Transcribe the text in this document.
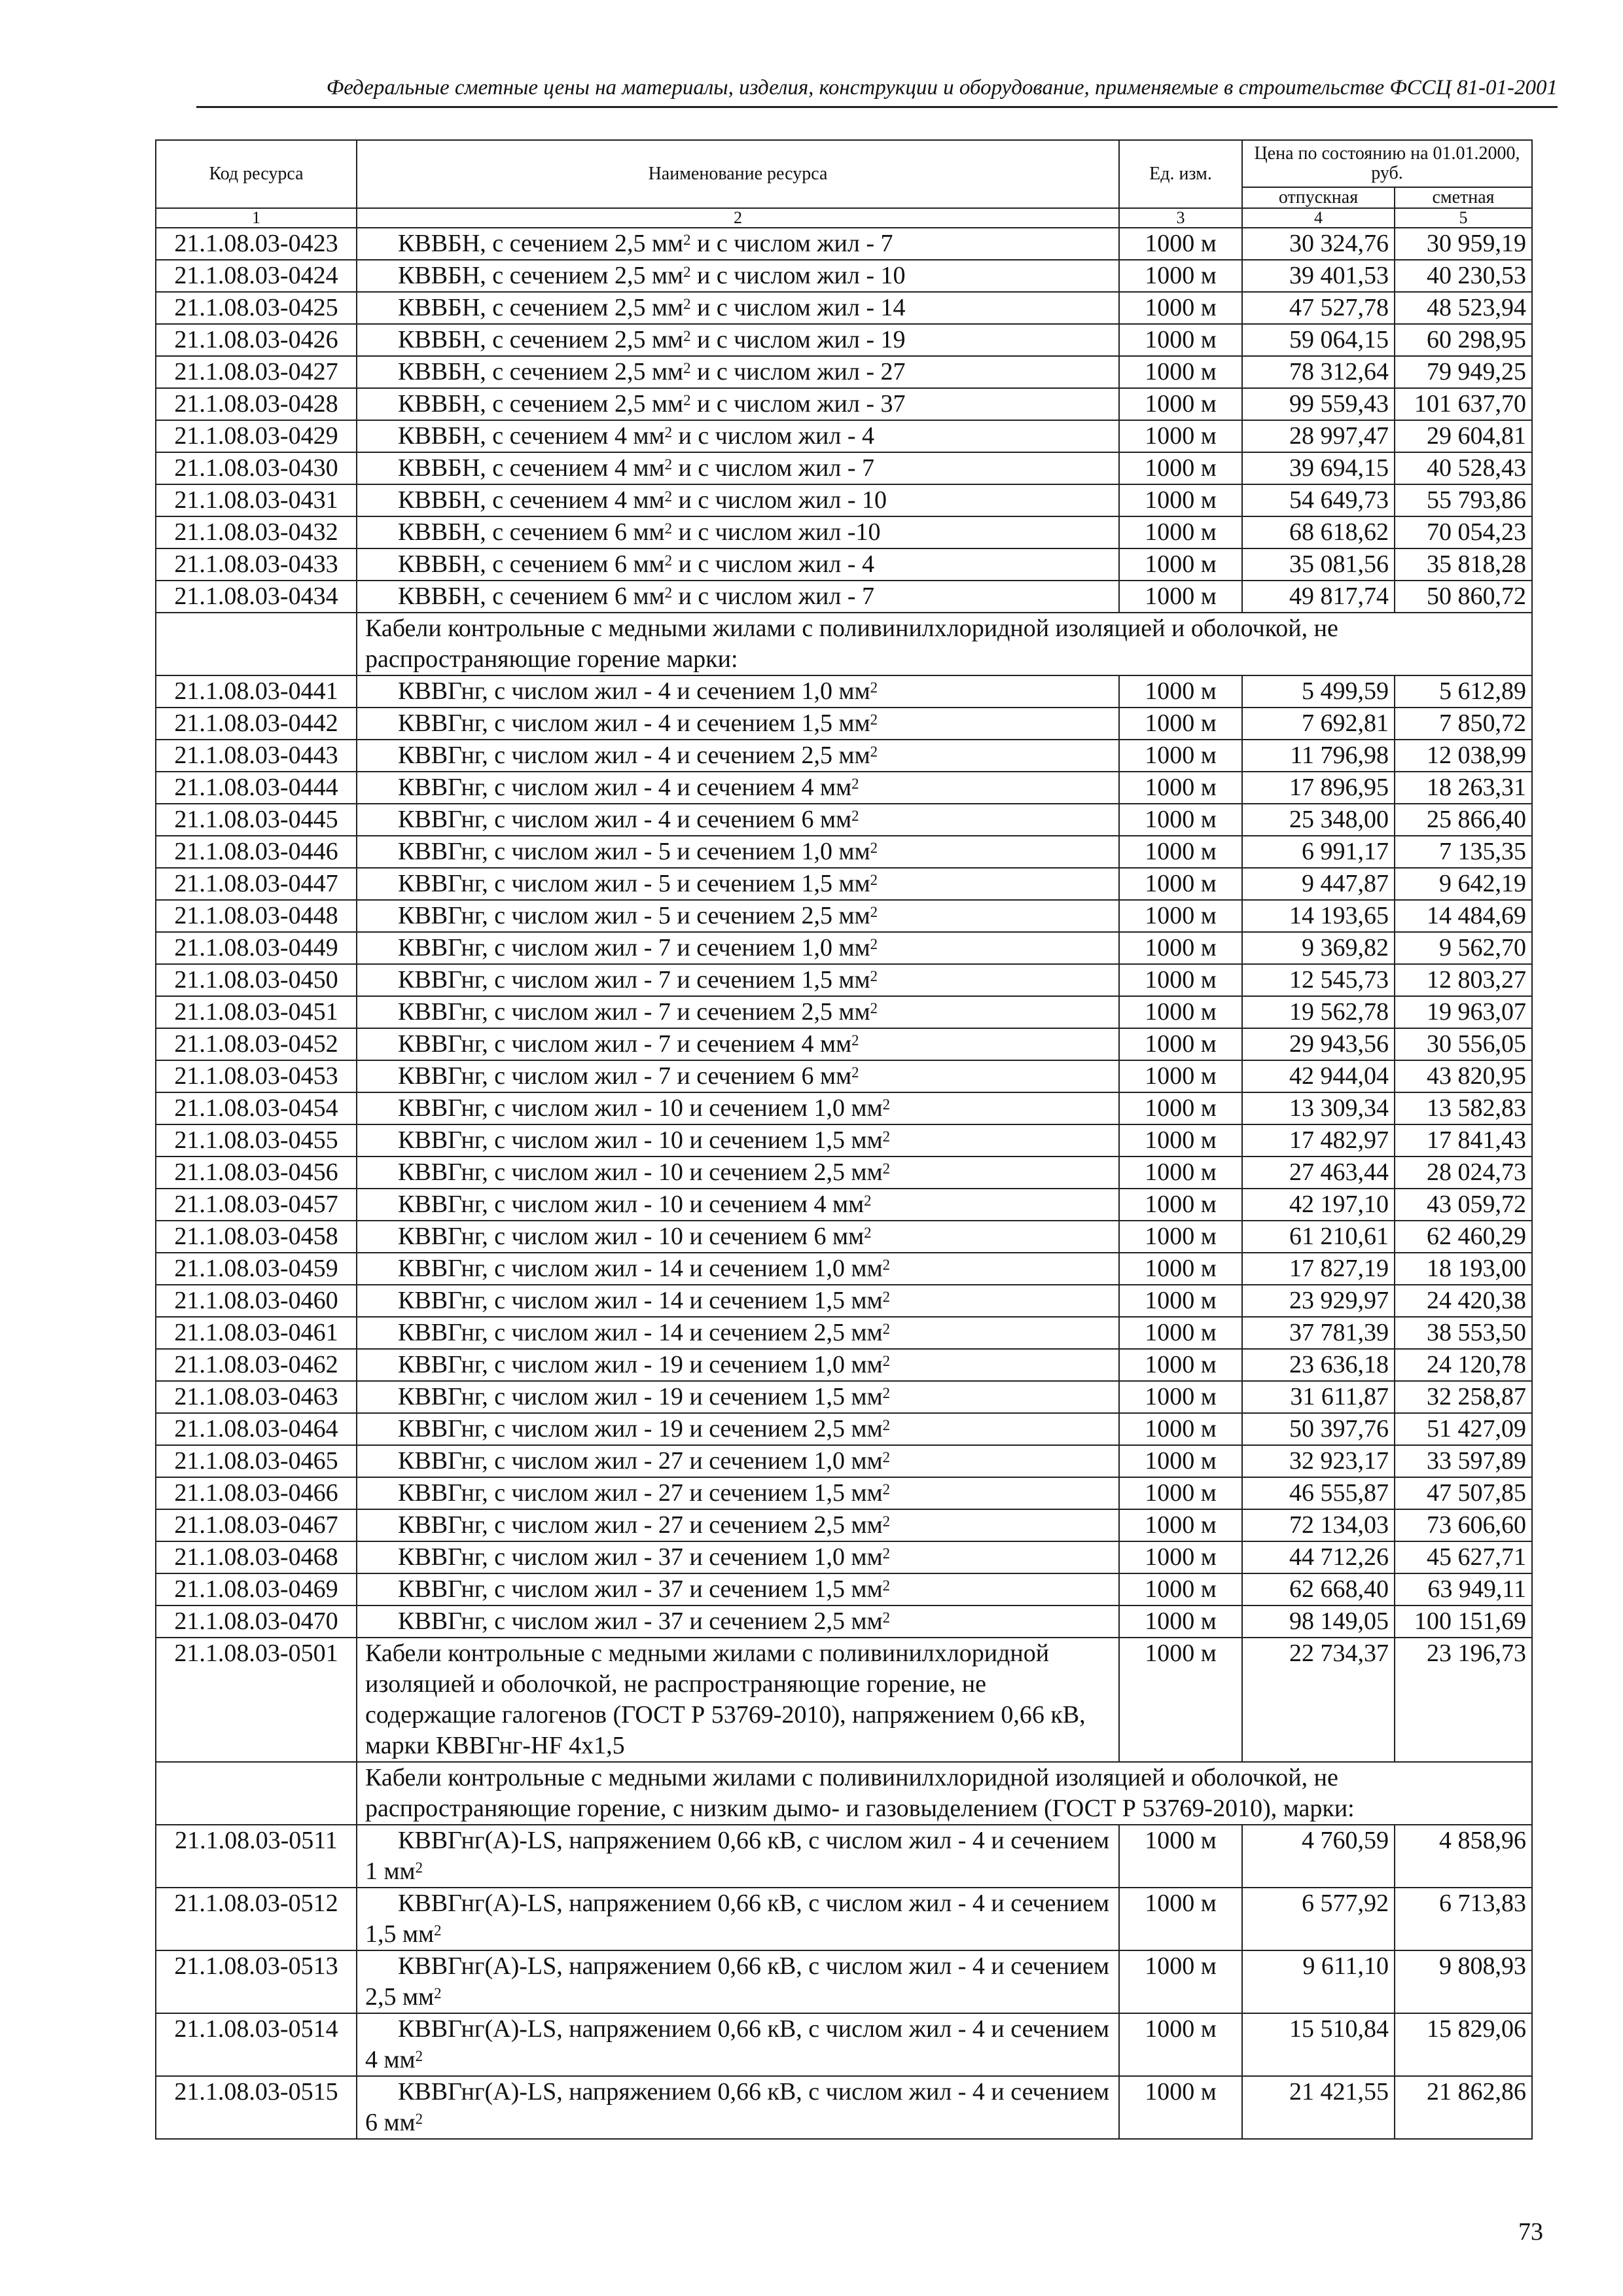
Федеральные сметные цены на материалы, изделия, конструкции и оборудование, применяемые в строительстве ФССЦ 81-01-2001
Код ресурса	Наименование ресурса	Ед. изм.	Цена по состоянию на 01.01.2000, руб.	
			отпускная	сметная
1	2	3	4	5
21.1.08.03-0423	КВВБН, с сечением 2,5 $мм^2$ и с числом жил - 7	1000 м	30 324,76	30 959,19
21.1.08.03-0424	КВВБН, с сечением 2,5 $мм^2$ и с числом жил - 10	1000 м	39 401,53	40 230,53
21.1.08.03-0425	КВВБН, с сечением 2,5 $мм^2$ и с числом жил - 14	1000 м	47 527,78	48 523,94
21.1.08.03-0426	КВВБН, с сечением 2,5 $мм^2$ и с числом жил - 19	1000 м	59 064,15	60 298,95
21.1.08.03-0427	КВВБН, с сечением 2,5 $мм^2$ и с числом жил - 27	1000 м	78 312,64	79 949,25
21.1.08.03-0428	КВВБН, с сечением 2,5 $мм^2$ и с числом жил - 37	1000 м	99 559,43	101 637,70
21.1.08.03-0429	КВВБН, с сечением 4 $мм^2$ и с числом жил - 4	1000 м	28 997,47	29 604,81
21.1.08.03-0430	КВВБН, с сечением 4 $мм^2$ и с числом жил - 7	1000 м	39 694,15	40 528,43
21.1.08.03-0431	КВВБН, с сечением 4 $мм^2$ и с числом жил - 10	1000 м	54 649,73	55 793,86
21.1.08.03-0432	КВВБН, с сечением 6 $мм^2$ и с числом жил -10	1000 м	68 618,62	70 054,23
21.1.08.03-0433	КВВБН, с сечением 6 $мм^2$ и с числом жил - 4	1000 м	35 081,56	35 818,28
21.1.08.03-0434	КВВБН, с сечением 6 $мм^2$ и с числом жил - 7	1000 м	49 817,74	50 860,72
	Кабели контрольные с медными жилами с поливинилхлоридной изоляцией и оболочкой, не распространяющие горение марки:			
21.1.08.03-0441	КВВГнг, с числом жил - 4 и сечением 1,0 $мм^2$	1000 м	5 499,59	5 612,89
21.1.08.03-0442	КВВГнг, с числом жил - 4 и сечением 1,5 $мм^2$	1000 м	7 692,81	7 850,72
21.1.08.03-0443	КВВГнг, с числом жил - 4 и сечением 2,5 $мм^2$	1000 м	11 796,98	12 038,99
21.1.08.03-0444	КВВГнг, с числом жил - 4 и сечением 4 $мм^2$	1000 м	17 896,95	18 263,31
21.1.08.03-0445	КВВГнг, с числом жил - 4 и сечением 6 $мм^2$	1000 м	25 348,00	25 866,40
21.1.08.03-0446	КВВГнг, с числом жил - 5 и сечением 1,0 $мм^2$	1000 м	6 991,17	7 135,35
21.1.08.03-0447	КВВГнг, с числом жил - 5 и сечением 1,5 $мм^2$	1000 м	9 447,87	9 642,19
21.1.08.03-0448	КВВГнг, с числом жил - 5 и сечением 2,5 $мм^2$	1000 м	14 193,65	14 484,69
21.1.08.03-0449	КВВГнг, с числом жил - 7 и сечением 1,0 $мм^2$	1000 м	9 369,82	9 562,70
21.1.08.03-0450	КВВГнг, с числом жил - 7 и сечением 1,5 $мм^2$	1000 м	12 545,73	12 803,27
21.1.08.03-0451	КВВГнг, с числом жил - 7 и сечением 2,5 $мм^2$	1000 м	19 562,78	19 963,07
21.1.08.03-0452	КВВГнг, с числом жил - 7 и сечением 4 $мм^2$	1000 м	29 943,56	30 556,05
21.1.08.03-0453	КВВГнг, с числом жил - 7 и сечением 6 $мм^2$	1000 м	42 944,04	43 820,95
21.1.08.03-0454	КВВГнг, с числом жил - 10 и сечением 1,0 $мм^2$	1000 м	13 309,34	13 582,83
21.1.08.03-0455	КВВГнг, с числом жил - 10 и сечением 1,5 $мм^2$	1000 м	17 482,97	17 841,43
21.1.08.03-0456	КВВГнг, с числом жил - 10 и сечением 2,5 $мм^2$	1000 м	27 463,44	28 024,73
21.1.08.03-0457	КВВГнг, с числом жил - 10 и сечением 4 $мм^2$	1000 м	42 197,10	43 059,72
21.1.08.03-0458	КВВГнг, с числом жил - 10 и сечением 6 $мм^2$	1000 м	61 210,61	62 460,29
21.1.08.03-0459	КВВГнг, с числом жил - 14 и сечением 1,0 $мм^2$	1000 м	17 827,19	18 193,00
21.1.08.03-0460	КВВГнг, с числом жил - 14 и сечением 1,5 $мм^2$	1000 м	23 929,97	24 420,38
21.1.08.03-0461	КВВГнг, с числом жил - 14 и сечением 2,5 $мм^2$	1000 м	37 781,39	38 553,50
21.1.08.03-0462	КВВГнг, с числом жил - 19 и сечением 1,0 $мм^2$	1000 м	23 636,18	24 120,78
21.1.08.03-0463	КВВГнг, с числом жил - 19 и сечением 1,5 $мм^2$	1000 м	31 611,87	32 258,87
21.1.08.03-0464	КВВГнг, с числом жил - 19 и сечением 2,5 $мм^2$	1000 м	50 397,76	51 427,09
21.1.08.03-0465	КВВГнг, с числом жил - 27 и сечением 1,0 $мм^2$	1000 м	32 923,17	33 597,89
21.1.08.03-0466	КВВГнг, с числом жил - 27 и сечением 1,5 $мм^2$	1000 м	46 555,87	47 507,85
21.1.08.03-0467	КВВГнг, с числом жил - 27 и сечением 2,5 $мм^2$	1000 м	72 134,03	73 606,60
21.1.08.03-0468	КВВГнг, с числом жил - 37 и сечением 1,0 $мм^2$	1000 м	44 712,26	45 627,71
21.1.08.03-0469	КВВГнг, с числом жил - 37 и сечением 1,5 $мм^2$	1000 м	62 668,40	63 949,11
21.1.08.03-0470	КВВГнг, с числом жил - 37 и сечением 2,5 $мм^2$	1000 м	98 149,05	100 151,69
21.1.08.03-0501	Кабели контрольные с медными жилами с поливинилхлоридной изоляцией и оболочкой, не распространяющие горение, не содержащие галогенов (ГОСТ Р 53769-2010), напряжением 0,66 кВ, марки КВВГнг-HF 4x1,5	1000 м	22 734,37	23 196,73
	Кабели контрольные с медными жилами с поливинилхлоридной изоляцией и оболочкой, не распространяющие горение, с низким дымо- и газовыделением (ГОСТ Р 53769-2010), марки:			
21.1.08.03-0511	КВВГнг(А)-LS, напряжением 0,66 кВ, с числом жил - 4 и сечением 1 $мм^2$	1000 м	4 760,59	4 858,96
21.1.08.03-0512	КВВГнг(А)-LS, напряжением 0,66 кВ, с числом жил - 4 и сечением 1,5 $мм^2$	1000 м	6 577,92	6 713,83
21.1.08.03-0513	КВВГнг(А)-LS, напряжением 0,66 кВ, с числом жил - 4 и сечением 2,5 $мм^2$	1000 м	9 611,10	9 808,93
21.1.08.03-0514	КВВГнг(А)-LS, напряжением 0,66 кВ, с числом жил - 4 и сечением 4 $мм^2$	1000 м	15 510,84	15 829,06
21.1.08.03-0515	КВВГнг(А)-LS, напряжением 0,66 кВ, с числом жил - 4 и сечением 6 $мм^2$	1000 м	21 421,55	21 862,86
73
